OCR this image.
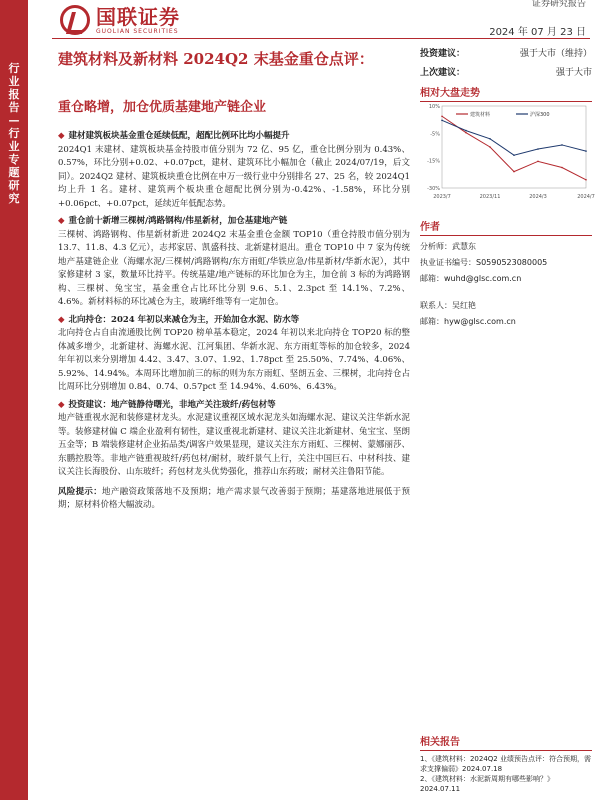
行业报告—行业专题研究
国联证券
GUOLIAN SECURITIES
证券研究报告
2024 年 07 月 23 日
建筑材料及新材料 2024Q2 末基金重仓点评：
重仓略增，加仓优质基建地产链企业
投资建议：	强于大市（维持）
上次建议：	强于大市
相对大盘走势
10%
-5%
-15%
-30%
2023/7	2023/11	2024/3	2024/7
建筑材料	沪深300
作者
分析师：武慧东
执业证书编号：S0590523080005
邮箱：wuhd@glsc.com.cn
联系人：吴红艳
邮箱：hyw@glsc.com.cn
相关报告
1、《建筑材料：2024Q2 业绩预告点评：符合预期，需求支撑偏弱》2024.07.18
2、《建筑材料：水泥新周期有哪些影响？》2024.07.11
◆ 建材建筑板块基金重仓延续低配，超配比例环比均小幅提升
2024Q1 末建材、建筑板块基金持股市值分别为 72 亿、95 亿，重仓比例分别为 0.43%、0.57%，环比分别+0.02、+0.07pct，建材、建筑环比小幅加仓（截止 2024/07/19，后文同）。2024Q2 建材、建筑板块重仓比例在申万一级行业中分别排名 27、25 名，较 2024Q1 均上升 1 名。建材、建筑两个板块重仓超配比例分别为-0.42%、-1.58%，环比分别+0.06pct、+0.07pct，延续近年低配态势。
◆ 重仓前十新增三棵树/鸿路钢构/伟星新材，加仓基建地产链
三棵树、鸿路钢构、伟星新材新进 2024Q2 末基金重仓金额 TOP10（重仓持股市值分别为 13.7、11.8、4.3 亿元），志邦家居、凯盛科技、北新建材退出。重仓 TOP10 中 7 家为传统地产基建链企业（海螺水泥/三棵树/鸿路钢构/东方雨虹/华铁应急/伟星新材/华新水泥），其中家修建材 3 家，数量环比持平。传统基建/地产链标的环比加仓为主，加仓前 3 标的为鸿路钢构、三棵树、兔宝宝，基金重仓占比环比分别 9.6、5.1、2.3pct 至 14.1%、7.2%、4.6%。新材料标的环比减仓为主，玻璃纤维等有一定加仓。
◆ 北向持仓：2024 年初以来减仓为主，开始加仓水泥、防水等
北向持仓占自由流通股比例 TOP20 榜单基本稳定，2024 年初以来北向持仓 TOP20 标的整体减多增少，北新建材、海螺水泥、江河集团、华新水泥、东方雨虹等标的加仓较多，2024 年年初以来分别增加 4.42、3.47、3.07、1.92、1.78pct 至 25.50%、7.74%、4.06%、5.92%、14.94%。本周环比增加前三的标的则为东方雨虹、坚朗五金、三棵树，北向持仓占比周环比分别增加 0.84、0.74、0.57pct 至 14.94%、4.60%、6.43%。
◆ 投资建议：地产链静待曙光，非地产关注玻纤/药包材等
地产链重视水泥和装修建材龙头。水泥建议重视区域水泥龙头如海螺水泥、建议关注华新水泥等。装修建材偏 C 端企业盈利有韧性，建议重视北新建材、建议关注北新建材、兔宝宝、坚朗五金等；B 端装修建材企业拓品类/调客户效果显现，建议关注东方雨虹、三棵树、蒙娜丽莎、东鹏控股等。非地产链重视玻纤/药包材/耐材，玻纤景气上行，关注中国巨石、中材科技、建议关注长海股份、山东玻纤；药包材龙头优势强化，推荐山东药玻；耐材关注鲁阳节能。
风险提示：地产融资政策落地不及预期；地产需求景气改善弱于预期；基建落地进展低于预期；原材料价格大幅波动。
